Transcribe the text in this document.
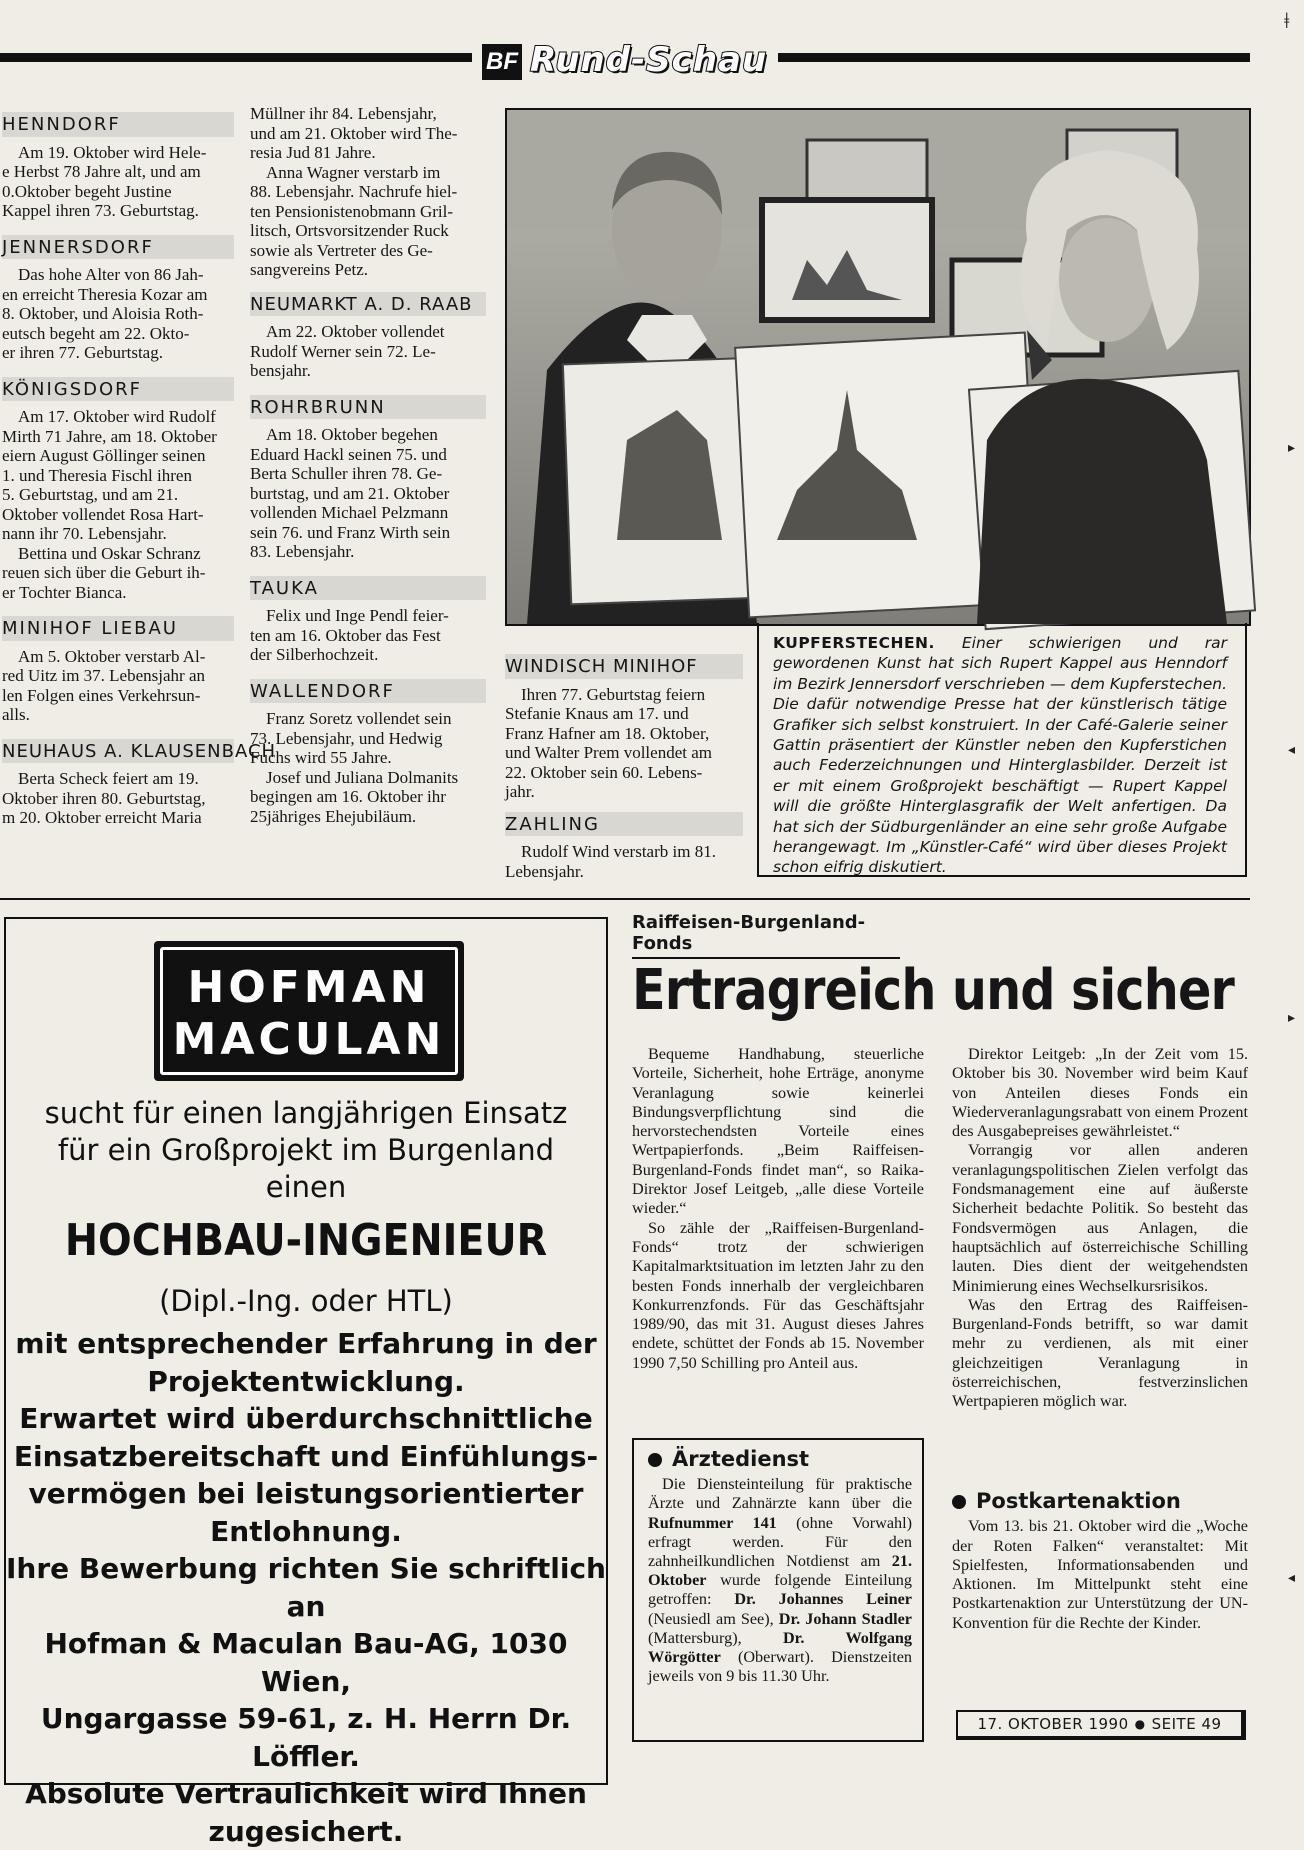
BF Rund-Schau
ǂ
HENNDORF

Am 19. Oktober wird Hele-

e Herbst 78 Jahre alt, und am

0.Oktober begeht Justine

Kappel ihren 73. Geburtstag.

JENNERSDORF

Das hohe Alter von 86 Jah-

en erreicht Theresia Kozar am

8. Oktober, und Aloisia Roth-

eutsch begeht am 22. Okto-

er ihren 77. Geburtstag.

KÖNIGSDORF

Am 17. Oktober wird Rudolf

Mirth 71 Jahre, am 18. Oktober

eiern August Göllinger seinen

1. und Theresia Fischl ihren

5. Geburtstag, und am 21.

Oktober vollendet Rosa Hart-

nann ihr 70. Lebensjahr.

Bettina und Oskar Schranz

reuen sich über die Geburt ih-

er Tochter Bianca.

MINIHOF LIEBAU

Am 5. Oktober verstarb Al-

red Uitz im 37. Lebensjahr an

len Folgen eines Verkehrsun-

alls.

NEUHAUS A. KLAUSENBACH

Berta Scheck feiert am 19.

Oktober ihren 80. Geburtstag,

m 20. Oktober erreicht Maria

Müllner ihr 84. Lebensjahr,

und am 21. Oktober wird The-

resia Jud 81 Jahre.

Anna Wagner verstarb im

88. Lebensjahr. Nachrufe hiel-

ten Pensionistenobmann Gril-

litsch, Ortsvorsitzender Ruck

sowie als Vertreter des Ge-

sangvereins Petz.

NEUMARKT A. D. RAAB

Am 22. Oktober vollendet

Rudolf Werner sein 72. Le-

bensjahr.

ROHRBRUNN

Am 18. Oktober begehen

Eduard Hackl seinen 75. und

Berta Schuller ihren 78. Ge-

burtstag, und am 21. Oktober

vollenden Michael Pelzmann

sein 76. und Franz Wirth sein

83. Lebensjahr.

TAUKA

Felix und Inge Pendl feier-

ten am 16. Oktober das Fest

der Silberhochzeit.

WALLENDORF

Franz Soretz vollendet sein

73. Lebensjahr, und Hedwig

Fuchs wird 55 Jahre.

Josef und Juliana Dolmanits

begingen am 16. Oktober ihr

25jähriges Ehejubiläum.

WINDISCH MINIHOF

Ihren 77. Geburtstag feiern

Stefanie Knaus am 17. und

Franz Hafner am 18. Oktober,

und Walter Prem vollendet am

22. Oktober sein 60. Lebens-

jahr.

ZAHLING

Rudolf Wind verstarb im 81.

Lebensjahr.

KUPFERSTECHEN. Einer schwierigen und rar gewordenen Kunst hat sich Rupert Kappel aus Henndorf im Bezirk Jennersdorf verschrieben — dem Kupferstechen. Die dafür notwendige Presse hat der künstlerisch tätige Grafiker sich selbst konstruiert. In der Café-Galerie seiner Gattin präsentiert der Künstler neben den Kupferstichen auch Federzeichnungen und Hinterglasbilder. Derzeit ist er mit einem Großprojekt beschäftigt — Rupert Kappel will die größte Hinterglasgrafik der Welt anfertigen. Da hat sich der Südburgenländer an eine sehr große Aufgabe herangewagt. Im „Künstler-Café“ wird über dieses Projekt schon eifrig diskutiert.
HOFMAN
MACULAN
sucht für einen langjährigen Einsatz
für ein Großprojekt im Burgenland
einen
HOCHBAU-INGENIEUR
(Dipl.-Ing. oder HTL)
mit entsprechender Erfahrung in der
Projektentwicklung.
Erwartet wird überdurchschnittliche
Einsatzbereitschaft und Einfühlungs-
vermögen bei leistungsorientierter
Entlohnung.
Ihre Bewerbung richten Sie schriftlich an
Hofman & Maculan Bau-AG, 1030 Wien,
Ungargasse 59-61, z. H. Herrn Dr. Löffler.
Absolute Vertraulichkeit wird Ihnen
zugesichert.
Raiffeisen-Burgenland-Fonds
Ertragreich und sicher

Bequeme Handhabung, steuerliche Vorteile, Sicherheit, hohe Erträge, anonyme Veranlagung sowie keinerlei Bindungsverpflichtung sind die hervorstechendsten Vorteile eines Wertpapierfonds. „Beim Raiffeisen-Burgenland-Fonds findet man“, so Raika-Direktor Josef Leitgeb, „alle diese Vorteile wieder.“

So zähle der „Raiffeisen-Burgenland-Fonds“ trotz der schwierigen Kapitalmarktsituation im letzten Jahr zu den besten Fonds innerhalb der vergleichbaren Konkurrenzfonds. Für das Geschäftsjahr 1989/90, das mit 31. August dieses Jahres endete, schüttet der Fonds ab 15. November 1990 7,50 Schilling pro Anteil aus.

Direktor Leitgeb: „In der Zeit vom 15. Oktober bis 30. November wird beim Kauf von Anteilen dieses Fonds ein Wiederveranlagungsrabatt von einem Prozent des Ausgabepreises gewährleistet.“

Vorrangig vor allen anderen veranlagungspolitischen Zielen verfolgt das Fondsmanagement eine auf äußerste Sicherheit bedachte Politik. So besteht das Fondsvermögen aus Anlagen, die hauptsächlich auf österreichische Schilling lauten. Dies dient der weitgehendsten Minimierung eines Wechselkursrisikos.

Was den Ertrag des Raiffeisen-Burgenland-Fonds betrifft, so war damit mehr zu verdienen, als mit einer gleichzeitigen Veranlagung in österreichischen, festverzinslichen Wertpapieren möglich war.

Ärztedienst

Die Diensteinteilung für praktische Ärzte und Zahnärzte kann über die Rufnummer 141 (ohne Vorwahl) erfragt werden. Für den zahnheilkundlichen Notdienst am 21. Oktober wurde folgende Einteilung getroffen: Dr. Johannes Leiner (Neusiedl am See), Dr. Johann Stadler (Mattersburg), Dr. Wolfgang Wörgötter (Oberwart). Dienstzeiten jeweils von 9 bis 11.30 Uhr.

Postkartenaktion

Vom 13. bis 21. Oktober wird die „Woche der Roten Falken“ veranstaltet: Mit Spielfesten, Informationsabenden und Aktionen. Im Mittelpunkt steht eine Postkartenaktion zur Unterstützung der UN-Konvention für die Rechte der Kinder.

17. OKTOBER 1990 ● SEITE 49
▸
◂
▸
◂
